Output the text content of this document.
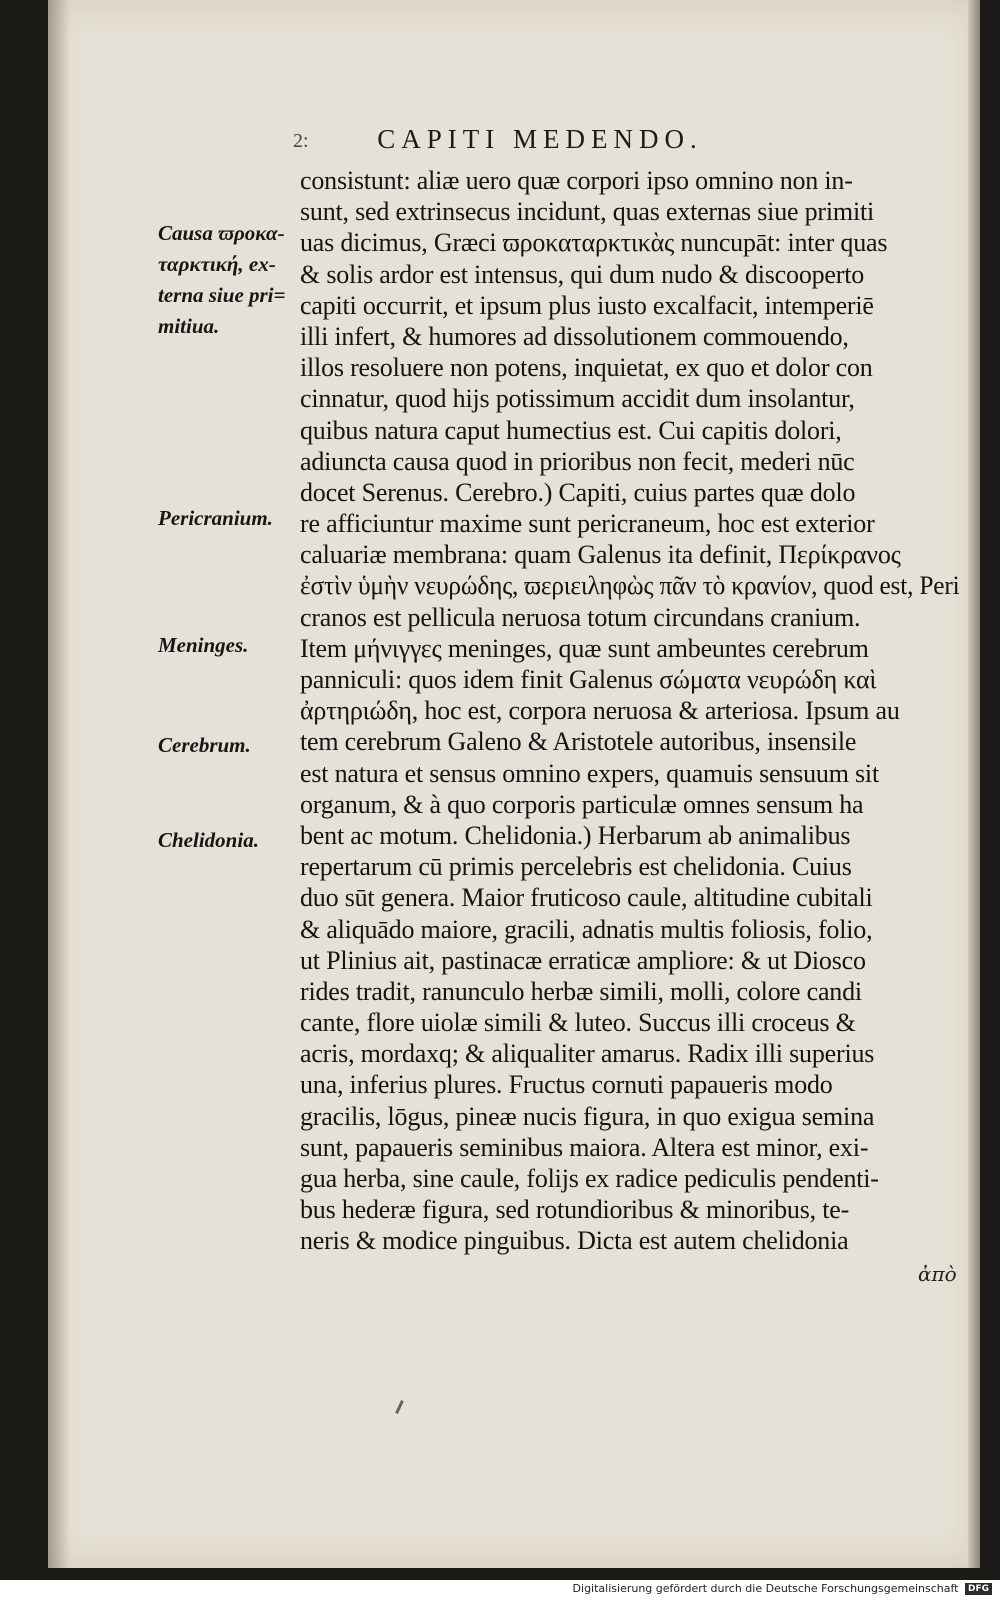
2:	CAPITI MEDENDO.
Causa ϖροκα-
ταρκτική, ex-
terna siue pri=
mitiua.
Pericranium.
Meninges.
Cerebrum.
Chelidonia.
consistunt: aliæ uero quæ corpori ipso omnino non in-
sunt, sed extrinsecus incidunt, quas externas siue primiti
uas dicimus, Græci ϖροκαταρκτικὰς nuncupāt: inter quas
& solis ardor est intensus, qui dum nudo & discooperto
capiti occurrit, et ipsum plus iusto excalfacit, intemperiē
illi infert, & humores ad dissolutionem commouendo,
illos resoluere non potens, inquietat, ex quo et dolor con
cinnatur, quod hijs potissimum accidit dum insolantur,
quibus natura caput humectius est. Cui capitis dolori,
adiuncta causa quod in prioribus non fecit, mederi nūc
docet Serenus. Cerebro.) Capiti, cuius partes quæ dolo
re afficiuntur maxime sunt pericraneum, hoc est exterior
caluariæ membrana: quam Galenus ita definit, Περίκρανος
ἐστὶν ὑμὴν νευρώδης, ϖεριειληφὼς πᾶν τὸ κρανίον, quod est, Peri
cranos est pellicula neruosa totum circundans cranium.
Item μήνιγγες meninges, quæ sunt ambeuntes cerebrum
panniculi: quos idem finit Galenus σώματα νευρώδη καὶ
ἀρτηριώδη, hoc est, corpora neruosa & arteriosa. Ipsum au
tem cerebrum Galeno & Aristotele autoribus, insensile
est natura et sensus omnino expers, quamuis sensuum sit
organum, & à quo corporis particulæ omnes sensum ha
bent ac motum. Chelidonia.) Herbarum ab animalibus
repertarum cū primis percelebris est chelidonia. Cuius
duo sūt genera. Maior fruticoso caule, altitudine cubitali
& aliquādo maiore, gracili, adnatis multis foliosis, folio,
ut Plinius ait, pastinacæ erraticæ ampliore: & ut Diosco
rides tradit, ranunculo herbæ simili, molli, colore candi
cante, flore uiolæ simili & luteo. Succus illi croceus &
acris, mordaxq; & aliqualiter amarus. Radix illi superius
una, inferius plures. Fructus cornuti papaueris modo
gracilis, lōgus, pineæ nucis figura, in quo exigua semina
sunt, papaueris seminibus maiora. Altera est minor, exi-
gua herba, sine caule, folijs ex radice pediculis pendenti-
bus hederæ figura, sed rotundioribus & minoribus, te-
neris & modice pinguibus. Dicta est autem chelidonia
ἀπὸ
Digitalisierung gefördert durch die Deutsche Forschungsgemeinschaft DFG
